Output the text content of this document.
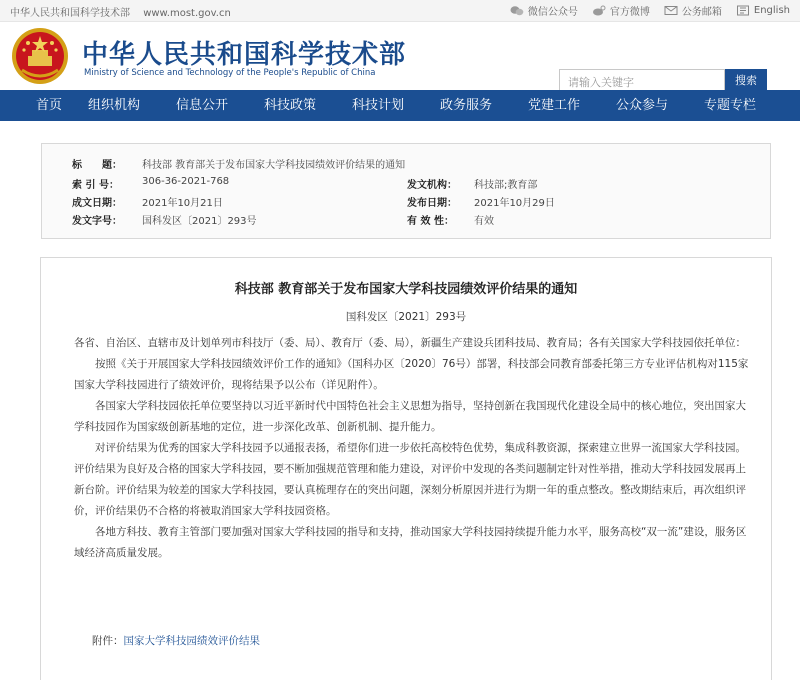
中华人民共和国科学技术部 www.most.gov.cn	微信公众号	官方微博	公务邮箱	English
中华人民共和国科学技术部
Ministry of Science and Technology of the People's Republic of China
请输入关键字	搜索
首页	组织机构	信息公开	科技政策	科技计划	政务服务	党建工作	公众参与	专题专栏
标　　题： 科技部 教育部关于发布国家大学科技园绩效评价结果的通知
索 引 号： 306-36-2021-768	发文机构： 科技部;教育部
成文日期： 2021年10月21日	发布日期： 2021年10月29日
发文字号： 国科发区〔2021〕293号	有 效 性： 有效
科技部 教育部关于发布国家大学科技园绩效评价结果的通知
国科发区〔2021〕293号

各省、自治区、直辖市及计划单列市科技厅（委、局）、教育厅（委、局），新疆生产建设兵团科技局、教育局；各有关国家大学科技园依托单位：

按照《关于开展国家大学科技园绩效评价工作的通知》（国科办区〔2020〕76号）部署，科技部会同教育部委托第三方专业评估机构对115家国家大学科技园进行了绩效评价，现将结果予以公布（详见附件）。

各国家大学科技园依托单位要坚持以习近平新时代中国特色社会主义思想为指导，坚持创新在我国现代化建设全局中的核心地位，突出国家大学科技园作为国家级创新基地的定位，进一步深化改革、创新机制、提升能力。

对评价结果为优秀的国家大学科技园予以通报表扬，希望你们进一步依托高校特色优势，集成科教资源，探索建立世界一流国家大学科技园。评价结果为良好及合格的国家大学科技园，要不断加强规范管理和能力建设，对评价中发现的各类问题制定针对性举措，推动大学科技园发展再上新台阶。评价结果为较差的国家大学科技园，要认真梳理存在的突出问题，深刻分析原因并进行为期一年的重点整改。整改期结束后，再次组织评价，评价结果仍不合格的将被取消国家大学科技园资格。

各地方科技、教育主管部门要加强对国家大学科技园的指导和支持，推动国家大学科技园持续提升能力水平，服务高校“双一流”建设，服务区域经济高质量发展。

附件：国家大学科技园绩效评价结果
